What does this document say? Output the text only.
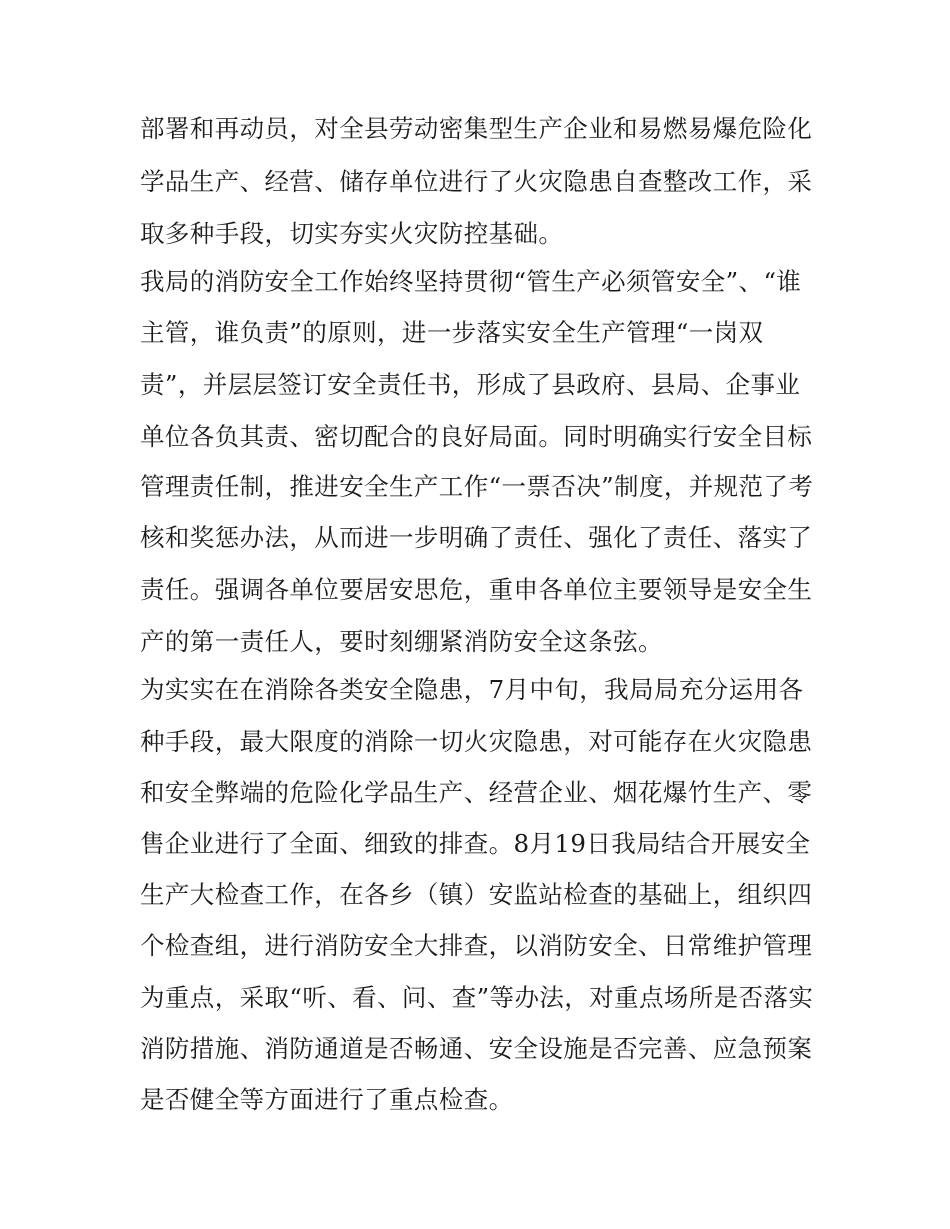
部署和再动员，对全县劳动密集型生产企业和易燃易爆危险化
学品生产、经营、储存单位进行了火灾隐患自查整改工作，采
取多种手段，切实夯实火灾防控基础。
我局的消防安全工作始终坚持贯彻“管生产必须管安全”、“谁
主管，谁负责”的原则，进一步落实安全生产管理“一岗双
责”，并层层签订安全责任书，形成了县政府、县局、企事业
单位各负其责、密切配合的良好局面。同时明确实行安全目标
管理责任制，推进安全生产工作“一票否决”制度，并规范了考
核和奖惩办法，从而进一步明确了责任、强化了责任、落实了
责任。强调各单位要居安思危，重申各单位主要领导是安全生
产的第一责任人，要时刻绷紧消防安全这条弦。
为实实在在消除各类安全隐患，7月中旬，我局局充分运用各
种手段，最大限度的消除一切火灾隐患，对可能存在火灾隐患
和安全弊端的危险化学品生产、经营企业、烟花爆竹生产、零
售企业进行了全面、细致的排查。8月19日我局结合开展安全
生产大检查工作，在各乡（镇）安监站检查的基础上，组织四
个检查组，进行消防安全大排查，以消防安全、日常维护管理
为重点，采取“听、看、问、查”等办法，对重点场所是否落实
消防措施、消防通道是否畅通、安全设施是否完善、应急预案
是否健全等方面进行了重点检查。
